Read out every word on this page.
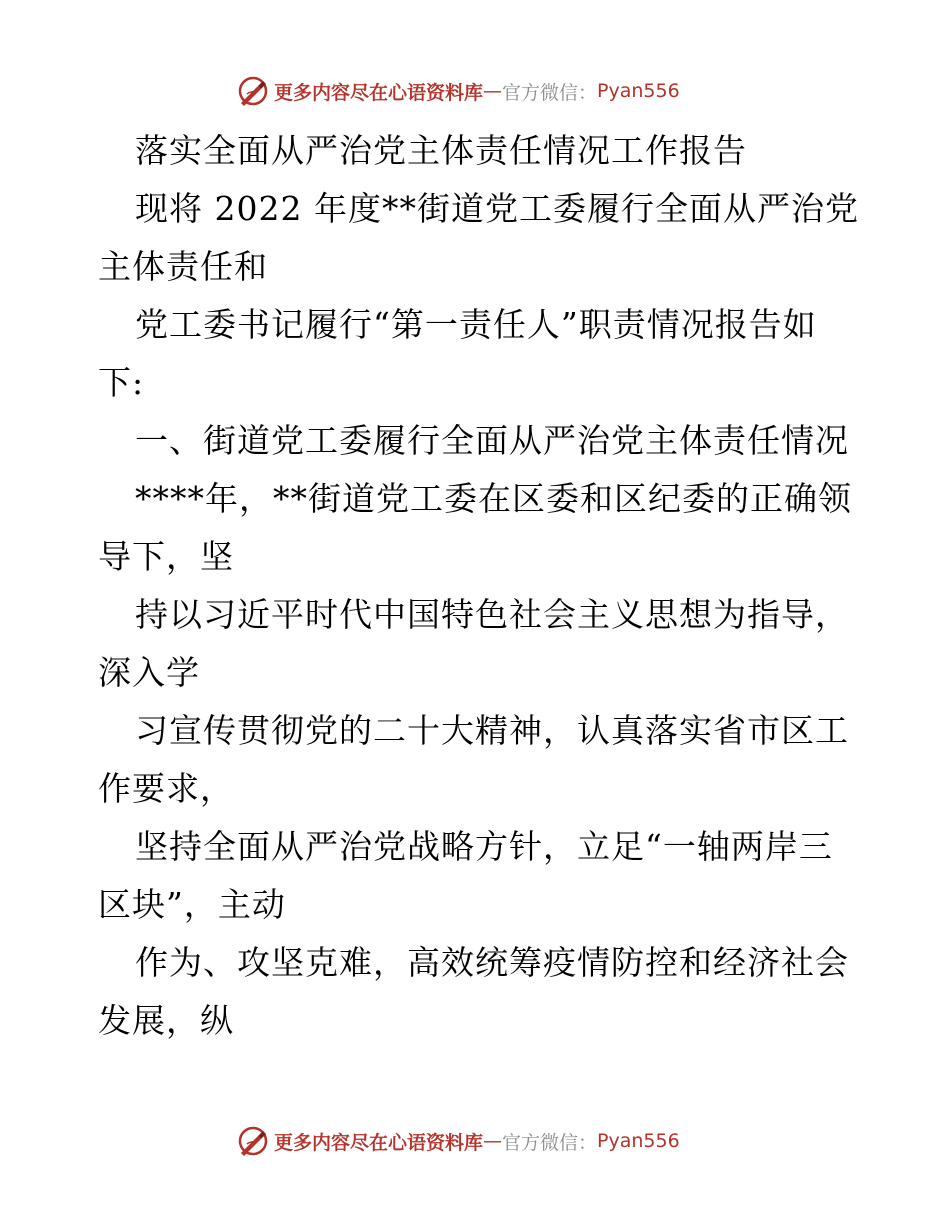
更多内容尽在心语资料库 — 官方微信： Pyan556
落实全面从严治党主体责任情况工作报告
现将 2022 年度**街道党工委履行全面从严治党
主体责任和
党工委书记履行“第一责任人”职责情况报告如
下:
一、街道党工委履行全面从严治党主体责任情况
****年，**街道党工委在区委和区纪委的正确领
导下，坚
持以习近平时代中国特色社会主义思想为指导，
深入学
习宣传贯彻党的二十大精神，认真落实省市区工
作要求，
坚持全面从严治党战略方针，立足“一轴两岸三
区块”，主动
作为、攻坚克难，高效统筹疫情防控和经济社会
发展，纵
更多内容尽在心语资料库 — 官方微信： Pyan556
